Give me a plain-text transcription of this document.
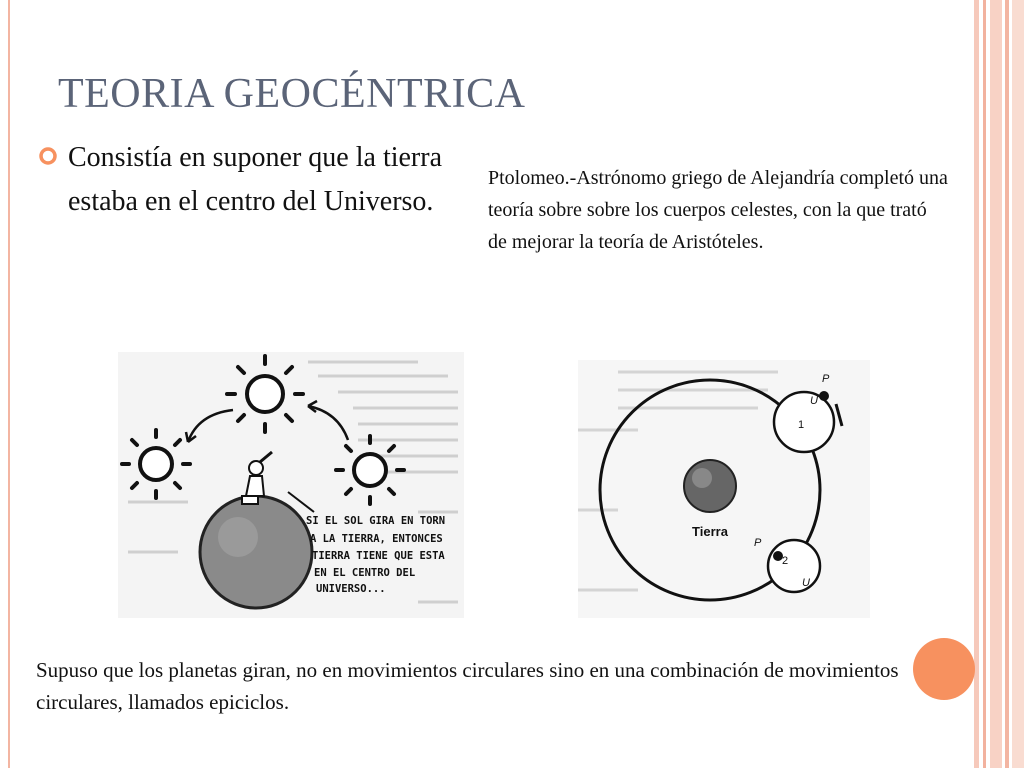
TEORIA GEOCÉNTRICA

Consistía en suponer que la tierra estaba en el centro del Universo.

Ptolomeo.-Astrónomo griego de Alejandría completó una teoría sobre sobre los cuerpos celestes, con la que trató de mejorar la teoría de Aristóteles.

SI EL SOL GIRA EN TORN
A LA TIERRA, ENTONCES
TIERRA TIENE QUE ESTA
EN EL CENTRO DEL
UNIVERSO...
Tierra
P
U
1
P
2
U

Supuso que los planetas giran, no en movimientos circulares sino en una combinación de movimientos circulares, llamados epiciclos.
